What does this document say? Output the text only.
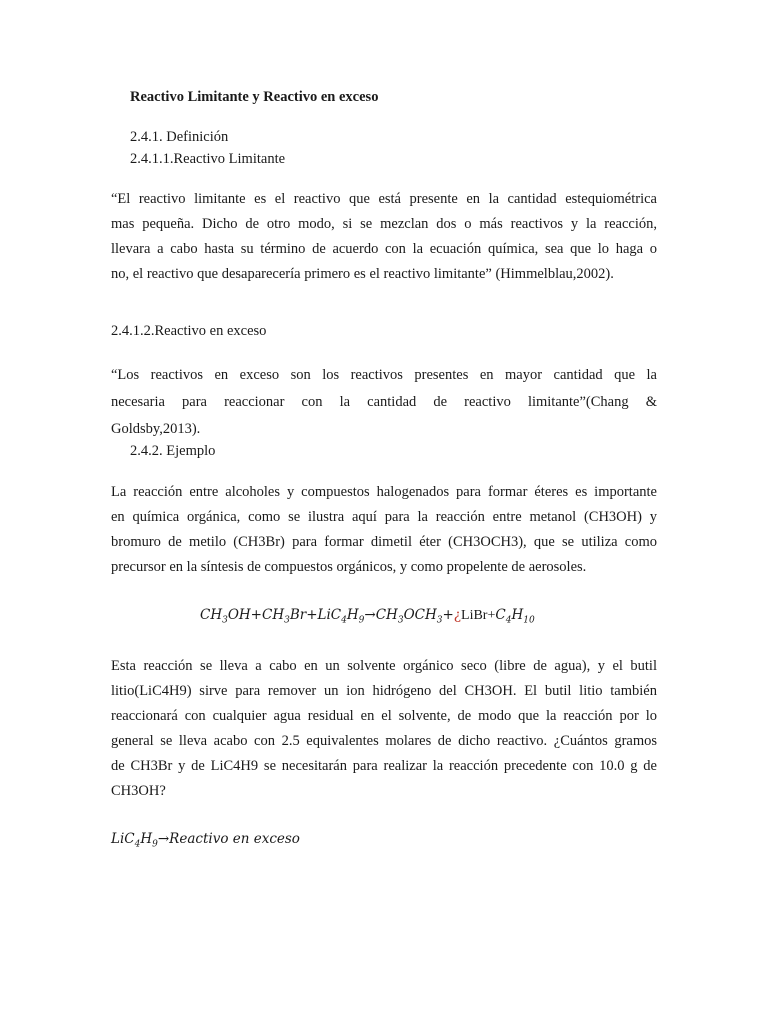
Reactivo Limitante y Reactivo en exceso
2.4.1. Definición
2.4.1.1.Reactivo Limitante
“El reactivo limitante es el reactivo que está presente en la cantidad estequiométrica
mas pequeña. Dicho de otro modo, si se mezclan dos o más reactivos y la reacción,
llevara a cabo hasta su término de acuerdo con la ecuación química, sea que lo haga o
no, el reactivo que desaparecería primero es el reactivo limitante” (Himmelblau,2002).
2.4.1.2.Reactivo en exceso
“Los reactivos en exceso son los reactivos presentes en mayor cantidad que la
necesaria para reaccionar con la cantidad de reactivo limitante”(Chang &
Goldsby,2013).
2.4.2. Ejemplo
La reacción entre alcoholes y compuestos halogenados para formar éteres es importante
en química orgánica, como se ilustra aquí para la reacción entre metanol (CH3OH) y
bromuro de metilo (CH3Br) para formar dimetil éter (CH3OCH3), que se utiliza como
precursor en la síntesis de compuestos orgánicos, y como propelente de aerosoles.
$CH_3OH+CH_3Br+LiC_4H_9\to CH_3OCH_3+¿LiBr+C_4H_{10}$
Esta reacción se lleva a cabo en un solvente orgánico seco (libre de agua), y el butil
litio(LiC4H9) sirve para remover un ion hidrógeno del CH3OH. El butil litio también
reaccionará con cualquier agua residual en el solvente, de modo que la reacción por lo
general se lleva acabo con 2.5 equivalentes molares de dicho reactivo. ¿Cuántos gramos
de CH3Br y de LiC4H9 se necesitarán para realizar la reacción precedente con 10.0 g de
CH3OH?
$LiC_4H_9\to Reactivo$ en exceso
